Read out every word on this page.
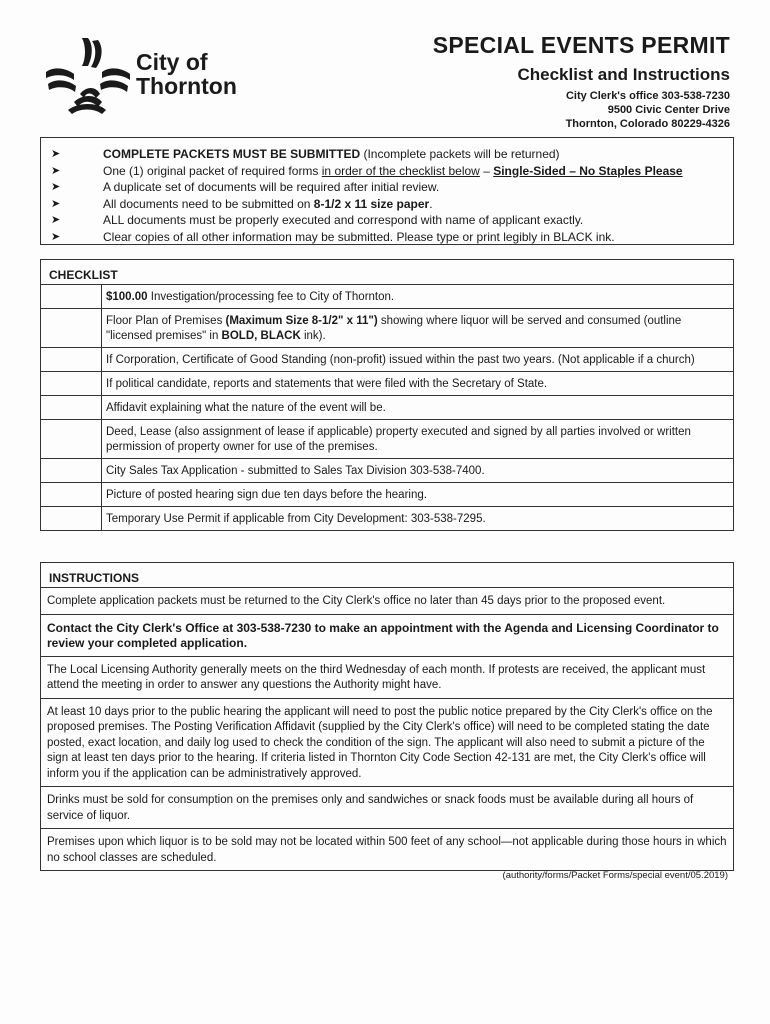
City of
Thornton
SPECIAL EVENTS PERMIT
Checklist and Instructions
City Clerk's office 303-538-7230
9500 Civic Center Drive
Thornton, Colorado 80229-4326
➤	COMPLETE PACKETS MUST BE SUBMITTED (Incomplete packets will be returned)
➤	One (1) original packet of required forms in order of the checklist below – Single-Sided – No Staples Please
➤	A duplicate set of documents will be required after initial review.
➤	All documents need to be submitted on 8-1/2 x 11 size paper.
➤	ALL documents must be properly executed and correspond with name of applicant exactly.
➤	Clear copies of all other information may be submitted. Please type or print legibly in BLACK ink.
CHECKLIST
$100.00 Investigation/processing fee to City of Thornton.
Floor Plan of Premises (Maximum Size 8-1/2" x 11") showing where liquor will be served and consumed (outline "licensed premises" in BOLD, BLACK ink).
If Corporation, Certificate of Good Standing (non-profit) issued within the past two years. (Not applicable if a church)
If political candidate, reports and statements that were filed with the Secretary of State.
Affidavit explaining what the nature of the event will be.
Deed, Lease (also assignment of lease if applicable) property executed and signed by all parties involved or written permission of property owner for use of the premises.
City Sales Tax Application - submitted to Sales Tax Division 303-538-7400.
Picture of posted hearing sign due ten days before the hearing.
Temporary Use Permit if applicable from City Development: 303-538-7295.
INSTRUCTIONS
Complete application packets must be returned to the City Clerk's office no later than 45 days prior to the proposed event.
Contact the City Clerk's Office at 303-538-7230 to make an appointment with the Agenda and Licensing Coordinator to review your completed application.
The Local Licensing Authority generally meets on the third Wednesday of each month. If protests are received, the applicant must attend the meeting in order to answer any questions the Authority might have.
At least 10 days prior to the public hearing the applicant will need to post the public notice prepared by the City Clerk's office on the proposed premises. The Posting Verification Affidavit (supplied by the City Clerk's office) will need to be completed stating the date posted, exact location, and daily log used to check the condition of the sign. The applicant will also need to submit a picture of the sign at least ten days prior to the hearing. If criteria listed in Thornton City Code Section 42-131 are met, the City Clerk's office will inform you if the application can be administratively approved.
Drinks must be sold for consumption on the premises only and sandwiches or snack foods must be available during all hours of service of liquor.
Premises upon which liquor is to be sold may not be located within 500 feet of any school—not applicable during those hours in which no school classes are scheduled.
(authority/forms/Packet Forms/special event/05.2019)
